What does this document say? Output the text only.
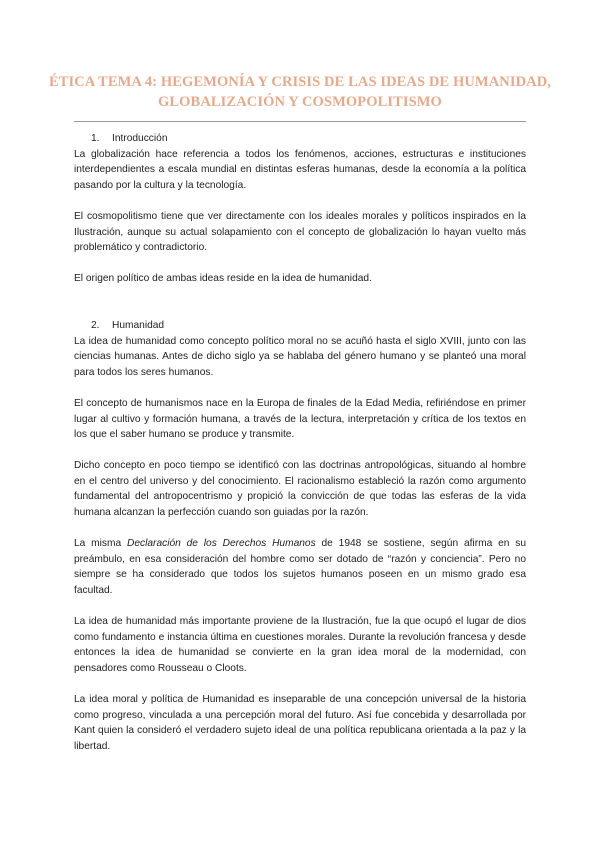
ÉTICA TEMA 4: HEGEMONÍA Y CRISIS DE LAS IDEAS DE HUMANIDAD,
GLOBALIZACIÓN Y COSMOPOLITISMO
1. Introducción

La globalización hace referencia a todos los fenómenos, acciones, estructuras e instituciones interdependientes a escala mundial en distintas esferas humanas, desde la economía a la política pasando por la cultura y la tecnología.

El cosmopolitismo tiene que ver directamente con los ideales morales y políticos inspirados en la Ilustración, aunque su actual solapamiento con el concepto de globalización lo hayan vuelto más problemático y contradictorio.

El origen político de ambas ideas reside en la idea de humanidad.

2. Humanidad

La idea de humanidad como concepto político moral no se acuñó hasta el siglo XVIII, junto con las ciencias humanas. Antes de dicho siglo ya se hablaba del género humano y se planteó una moral para todos los seres humanos.

El concepto de humanismos nace en la Europa de finales de la Edad Media, refiriéndose en primer lugar al cultivo y formación humana, a través de la lectura, interpretación y crítica de los textos en los que el saber humano se produce y transmite.

Dicho concepto en poco tiempo se identificó con las doctrinas antropológicas, situando al hombre en el centro del universo y del conocimiento. El racionalismo estableció la razón como argumento fundamental del antropocentrismo y propició la convicción de que todas las esferas de la vida humana alcanzan la perfección cuando son guiadas por la razón.

La misma Declaración de los Derechos Humanos de 1948 se sostiene, según afirma en su preámbulo, en esa consideración del hombre como ser dotado de “razón y conciencia”. Pero no siempre se ha considerado que todos los sujetos humanos poseen en un mismo grado esa facultad.

La idea de humanidad más importante proviene de la Ilustración, fue la que ocupó el lugar de dios como fundamento e instancia última en cuestiones morales. Durante la revolución francesa y desde entonces la idea de humanidad se convierte en la gran idea moral de la modernidad, con pensadores como Rousseau o Cloots.

La idea moral y política de Humanidad es inseparable de una concepción universal de la historia como progreso, vinculada a una percepción moral del futuro. Así fue concebida y desarrollada por Kant quien la consideró el verdadero sujeto ideal de una política republicana orientada a la paz y la libertad.
